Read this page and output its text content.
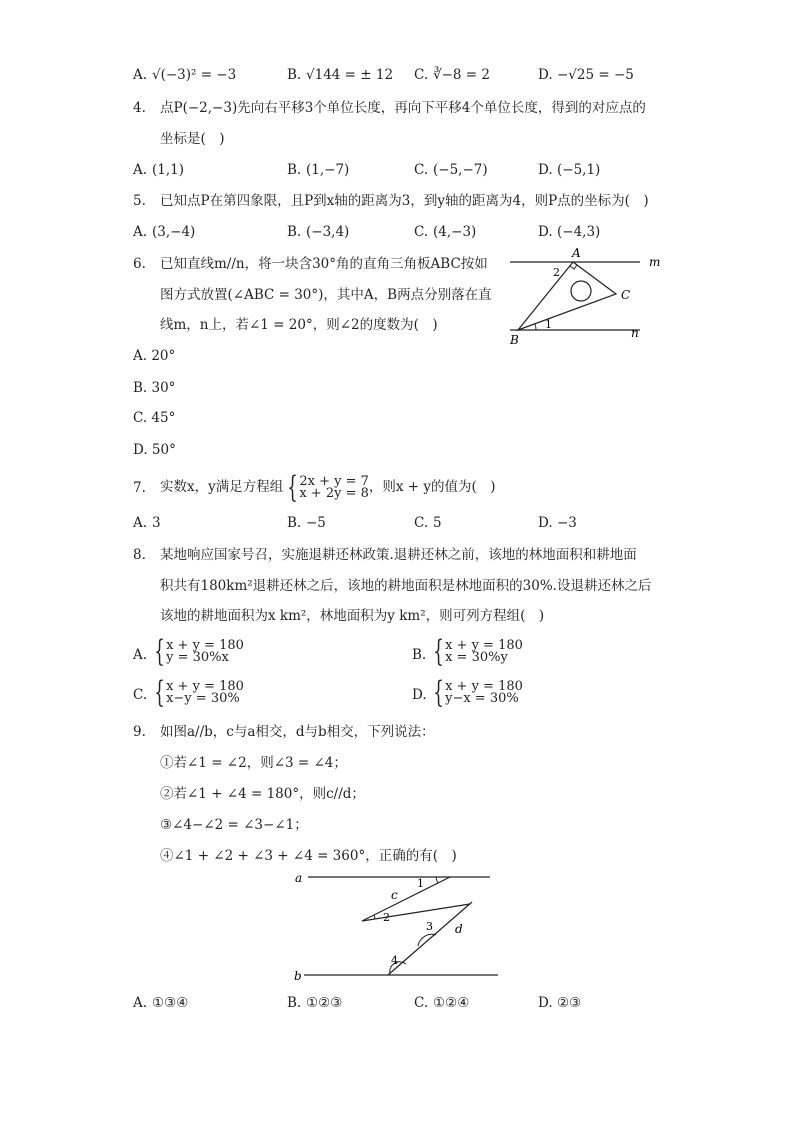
A. √(−3)² = −3	B. √144 = ± 12 C. ∛−8 = 2	D. −√25 = −5
4. 点P(−2,−3)先向右平移3个单位长度，再向下平移4个单位长度，得到的对应点的
坐标是(　)
A. (1,1)	B. (1,−7)	C. (−5,−7)	D. (−5,1)
5. 已知点P在第四象限，且P到x轴的距离为3，到y轴的距离为4，则P点的坐标为(　)
A. (3,−4)	B. (−3,4)	C. (4,−3)	D. (−4,3)
6. 已知直线m//n，将一块含30°角的直角三角板ABC按如
图方式放置(∠ABC = 30°)，其中A，B两点分别落在直
线m，n上，若∠1 = 20°，则∠2的度数为(　)
A. 20°
B. 30°
C. 45°
D. 50°
A
B
C
m
n
1
2
7. 实数x，y满足方程组 {2x + y = 7
x + 2y = 8，则x + y的值为(　)
A. 3	B. −5	C. 5	D. −3
8. 某地响应国家号召，实施退耕还林政策.退耕还林之前，该地的林地面积和耕地面
积共有180km²退耕还林之后，该地的耕地面积是林地面积的30%.设退耕还林之后
该地的耕地面积为x km²，林地面积为y km²，则可列方程组(　)
A. {x + y = 180
y = 30%x	B. {x + y = 180
x = 30%y
C. {x + y = 180
x−y = 30%	D. {x + y = 180
y−x = 30%
9. 如图a//b，c与a相交，d与b相交，下列说法：
①若∠1 = ∠2，则∠3 = ∠4；
②若∠1 + ∠4 = 180°，则c//d；
③∠4−∠2 = ∠3−∠1；
④∠1 + ∠2 + ∠3 + ∠4 = 360°，正确的有(　)
a
b
c
d
1
2
3
4
A. ①③④	B. ①②③	C. ①②④	D. ②③
